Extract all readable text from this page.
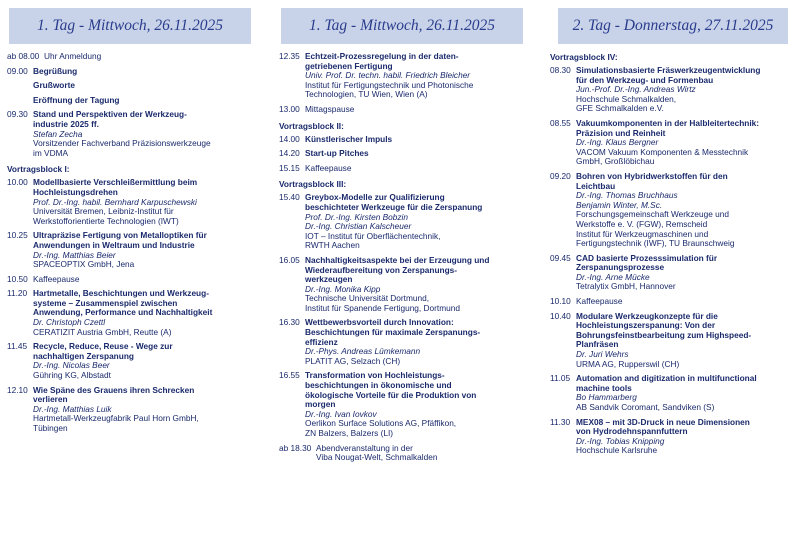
1. Tag - Mittwoch, 26.11.2025
ab 08.00 Uhr Anmeldung
09.00 Begrüßung
Grußworte
Eröffnung der Tagung
09.30 Stand und Perspektiven der Werkzeug-
industrie 2025 ff.
Stefan Zecha
Vorsitzender Fachverband Präzisionswerkzeuge
im VDMA
Vortragsblock I:
10.00 Modellbasierte Verschleißermittlung beim
Hochleistungsdrehen
Prof. Dr.-Ing. habil. Bernhard Karpuschewski
Universität Bremen, Leibniz-Institut für
Werkstofforientierte Technologien (IWT)
10.25 Ultrapräzise Fertigung von Metalloptiken für
Anwendungen in Weltraum und Industrie
Dr.-Ing. Matthias Beier
SPACEOPTIX GmbH, Jena
10.50 Kaffeepause
11.20 Hartmetalle, Beschichtungen und Werkzeug-
systeme – Zusammenspiel zwischen
Anwendung, Performance und Nachhaltigkeit
Dr. Christoph Czettl
CERATIZIT Austria GmbH, Reutte (A)
11.45 Recycle, Reduce, Reuse - Wege zur
nachhaltigen Zerspanung
Dr.-Ing. Nicolas Beer
Gühring KG, Albstadt
12.10 Wie Späne des Grauens ihren Schrecken
verlieren
Dr.-Ing. Matthias Luik
Hartmetall-Werkzeugfabrik Paul Horn GmbH,
Tübingen
1. Tag - Mittwoch, 26.11.2025
12.35 Echtzeit-Prozessregelung in der daten-
getriebenen Fertigung
Univ. Prof. Dr. techn. habil. Friedrich Bleicher
Institut für Fertigungstechnik und Photonische
Technologien, TU Wien, Wien (A)
13.00 Mittagspause
Vortragsblock II:
14.00 Künstlerischer Impuls
14.20 Start-up Pitches
15.15 Kaffeepause
Vortragsblock III:
15.40 Greybox-Modelle zur Qualifizierung
beschichteter Werkzeuge für die Zerspanung
Prof. Dr.-Ing. Kirsten Bobzin
Dr.-Ing. Christian Kalscheuer
IOT – Institut für Oberflächentechnik,
RWTH Aachen
16.05 Nachhaltigkeitsaspekte bei der Erzeugung und
Wiederaufbereitung von Zerspanungs-
werkzeugen
Dr.-Ing. Monika Kipp
Technische Universität Dortmund,
Institut für Spanende Fertigung, Dortmund
16.30 Wettbewerbsvorteil durch Innovation:
Beschichtungen für maximale Zerspanungs-
effizienz
Dr.-Phys. Andreas Lümkemann
PLATIT AG, Selzach (CH)
16.55 Transformation von Hochleistungs-
beschichtungen in ökonomische und
ökologische Vorteile für die Produktion von
morgen
Dr.-Ing. Ivan Iovkov
Oerlikon Surface Solutions AG, Pfäffikon,
ZN Balzers, Balzers (LI)
ab 18.30 Abendveranstaltung in der
Viba Nougat-Welt, Schmalkalden
2. Tag - Donnerstag, 27.11.2025
Vortragsblock IV:
08.30 Simulationsbasierte Fräswerkzeugentwicklung
für den Werkzeug- und Formenbau
Jun.-Prof. Dr.-Ing. Andreas Wirtz
Hochschule Schmalkalden,
GFE Schmalkalden e.V.
08.55 Vakuumkomponenten in der Halbleitertechnik:
Präzision und Reinheit
Dr.-Ing. Klaus Bergner
VACOM Vakuum Komponenten & Messtechnik
GmbH, Großlöbichau
09.20 Bohren von Hybridwerkstoffen für den
Leichtbau
Dr.-Ing. Thomas Bruchhaus
Benjamin Winter, M.Sc.
Forschungsgemeinschaft Werkzeuge und
Werkstoffe e. V. (FGW), Remscheid
Institut für Werkzeugmaschinen und
Fertigungstechnik (IWF), TU Braunschweig
09.45 CAD basierte Prozesssimulation für
Zerspanungsprozesse
Dr.-Ing. Arne Mücke
Tetralytix GmbH, Hannover
10.10 Kaffeepause
10.40 Modulare Werkzeugkonzepte für die
Hochleistungszerspanung: Von der
Bohrungsfeinstbearbeitung zum Highspeed-
Planfräsen
Dr. Juri Wehrs
URMA AG, Rupperswil (CH)
11.05 Automation and digitization in multifunctional
machine tools
Bo Hammarberg
AB Sandvik Coromant, Sandviken (S)
11.30 MEX08 – mit 3D-Druck in neue Dimensionen
von Hydrodehnspannfuttern
Dr.-Ing. Tobias Knipping
Hochschule Karlsruhe
